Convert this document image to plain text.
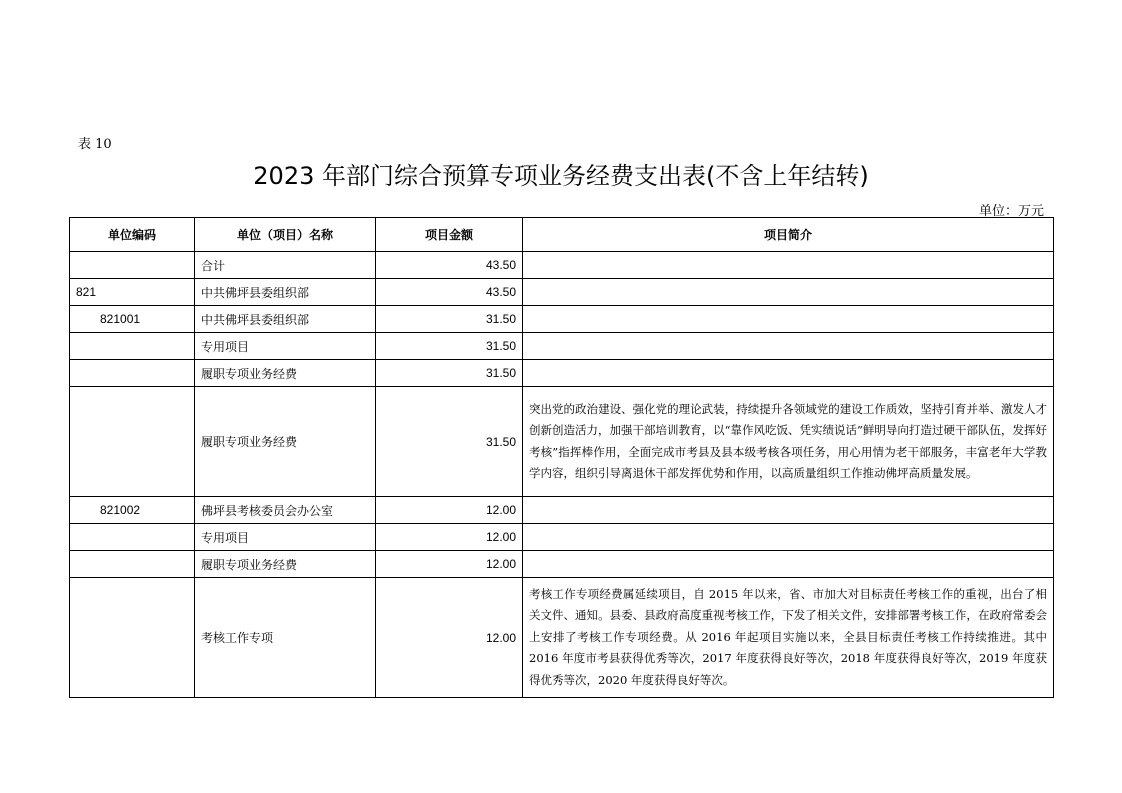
表 10
2023 年部门综合预算专项业务经费支出表(不含上年结转)
单位：万元
单位编码	单位（项目）名称	项目金额	项目简介
	合计	43.50	
821	中共佛坪县委组织部	43.50	
821001	中共佛坪县委组织部	31.50	
	专用项目	31.50	
	履职专项业务经费	31.50	
	履职专项业务经费	31.50	突出党的政治建设、强化党的理论武装，持续提升各领域党的建设工作质效，坚持引育并举、激发人才创新创造活力，加强干部培训教育，以“靠作风吃饭、凭实绩说话”鲜明导向打造过硬干部队伍，发挥好考核”指挥棒作用，全面完成市考县及县本级考核各项任务，用心用情为老干部服务，丰富老年大学教学内容，组织引导离退休干部发挥优势和作用，以高质量组织工作推动佛坪高质量发展。
821002	佛坪县考核委员会办公室	12.00	
	专用项目	12.00	
	履职专项业务经费	12.00	
	考核工作专项	12.00	考核工作专项经费属延续项目，自 2015 年以来，省、市加大对目标责任考核工作的重视，出台了相关文件、通知。县委、县政府高度重视考核工作，下发了相关文件，安排部署考核工作，在政府常委会上安排了考核工作专项经费。从 2016 年起项目实施以来，全县目标责任考核工作持续推进。其中 2016 年度市考县获得优秀等次，2017 年度获得良好等次，2018 年度获得良好等次，2019 年度获得优秀等次，2020 年度获得良好等次。
